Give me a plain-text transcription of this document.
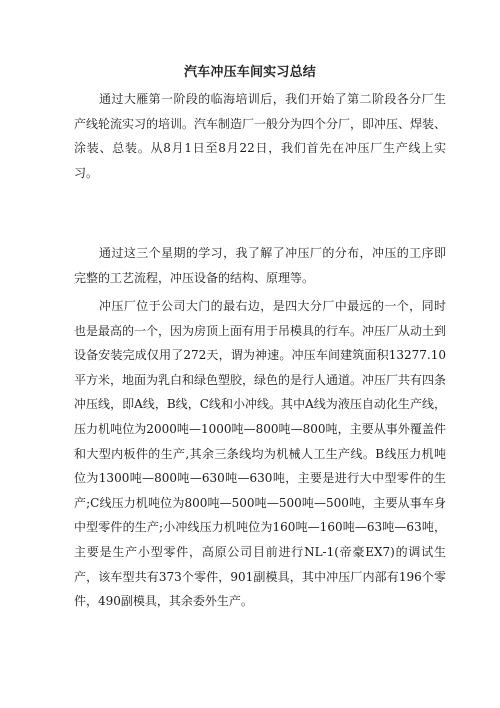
汽车冲压车间实习总结

通过大雁第一阶段的临海培训后，我们开始了第二阶段各分厂生产线轮流实习的培训。汽车制造厂一般分为四个分厂，即冲压、焊装、涂装、总装。从8月1日至8月22日，我们首先在冲压厂生产线上实习。

通过这三个星期的学习，我了解了冲压厂的分布，冲压的工序即完整的工艺流程，冲压设备的结构、原理等。

冲压厂位于公司大门的最右边，是四大分厂中最远的一个，同时也是最高的一个，因为房顶上面有用于吊模具的行车。冲压厂从动土到设备安装完成仅用了272天，谓为神速。冲压车间建筑面积13277.10平方米，地面为乳白和绿色塑胶，绿色的是行人通道。冲压厂共有四条冲压线，即A线，B线，C线和小冲线。其中A线为液压自动化生产线，压力机吨位为2000吨—1000吨—800吨—800吨，主要从事外覆盖件和大型内板件的生产,其余三条线均为机械人工生产线。B线压力机吨位为1300吨—800吨—630吨—630吨，主要是进行大中型零件的生产;C线压力机吨位为800吨—500吨—500吨—500吨，主要从事车身中型零件的生产;小冲线压力机吨位为160吨—160吨—63吨—63吨，主要是生产小型零件，高原公司目前进行NL-1(帝豪EX7)的调试生产，该车型共有373个零件，901副模具，其中冲压厂内部有196个零件，490副模具，其余委外生产。
